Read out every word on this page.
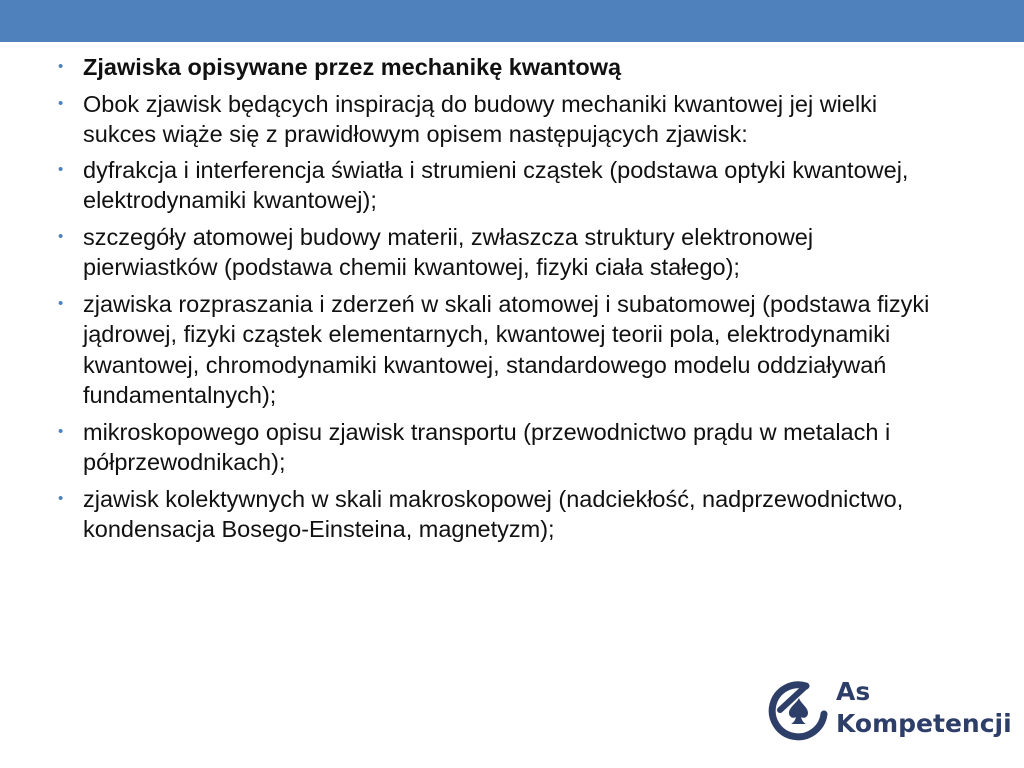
• Zjawiska opisywane przez mechanikę kwantową
• Obok zjawisk będących inspiracją do budowy mechaniki kwantowej jej wielki sukces wiąże się z prawidłowym opisem następujących zjawisk:
• dyfrakcja i interferencja światła i strumieni cząstek (podstawa optyki kwantowej, elektrodynamiki kwantowej);
• szczegóły atomowej budowy materii, zwłaszcza struktury elektronowej pierwiastków (podstawa chemii kwantowej, fizyki ciała stałego);
• zjawiska rozpraszania i zderzeń w skali atomowej i subatomowej (podstawa fizyki jądrowej, fizyki cząstek elementarnych, kwantowej teorii pola, elektrodynamiki kwantowej, chromodynamiki kwantowej, standardowego modelu oddziaływań fundamentalnych);
• mikroskopowego opisu zjawisk transportu (przewodnictwo prądu w metalach i półprzewodnikach);
• zjawisk kolektywnych w skali makroskopowej (nadciekłość, nadprzewodnictwo, kondensacja Bosego-Einsteina, magnetyzm);
As
Kompetencji
